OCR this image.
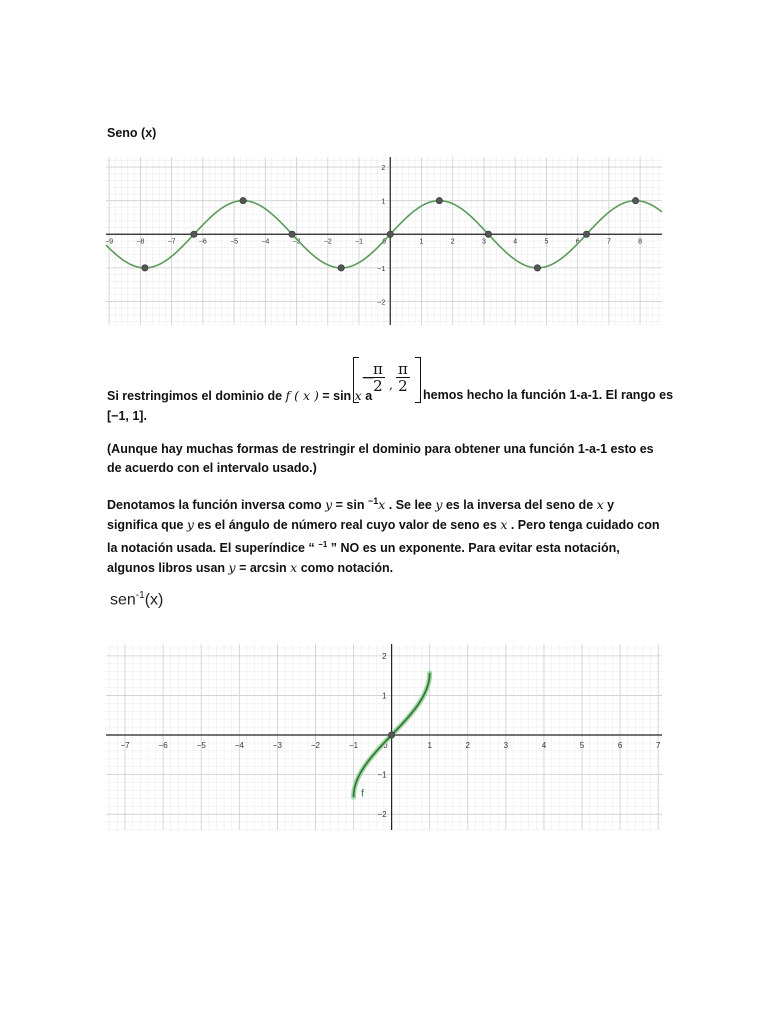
Seno (x)
−9	−8	−7	−6	−5	−4	−3	−2	−1	1	2	3	4	5	6	7	8
−2
−1
1
2
0
Si restringimos el dominio de f ( x ) = sin x a
−
$\frac{\pi}{2}$ , $\frac{\pi}{2}$
hemos hecho la función 1-a-1. El rango es
[−1, 1].

(Aunque hay muchas formas de restringir el dominio para obtener una función 1-a-1 esto es de acuerdo con el intervalo usado.)

Denotamos la función inversa como y = sin $^{-1}$x . Se lee y es la inversa del seno de x y significa que y es el ángulo de número real cuyo valor de seno es x . Pero tenga cuidado con la notación usada. El superíndice “ $^{-1}$ ” NO es un exponente. Para evitar esta notación, algunos libros usan y = arcsin x como notación.

sen$^{-1}$(x)
−7	−6	−5	−4	−3	−2	−1	1	2	3	4	5	6	7
−2
−1
1
2
0
f
